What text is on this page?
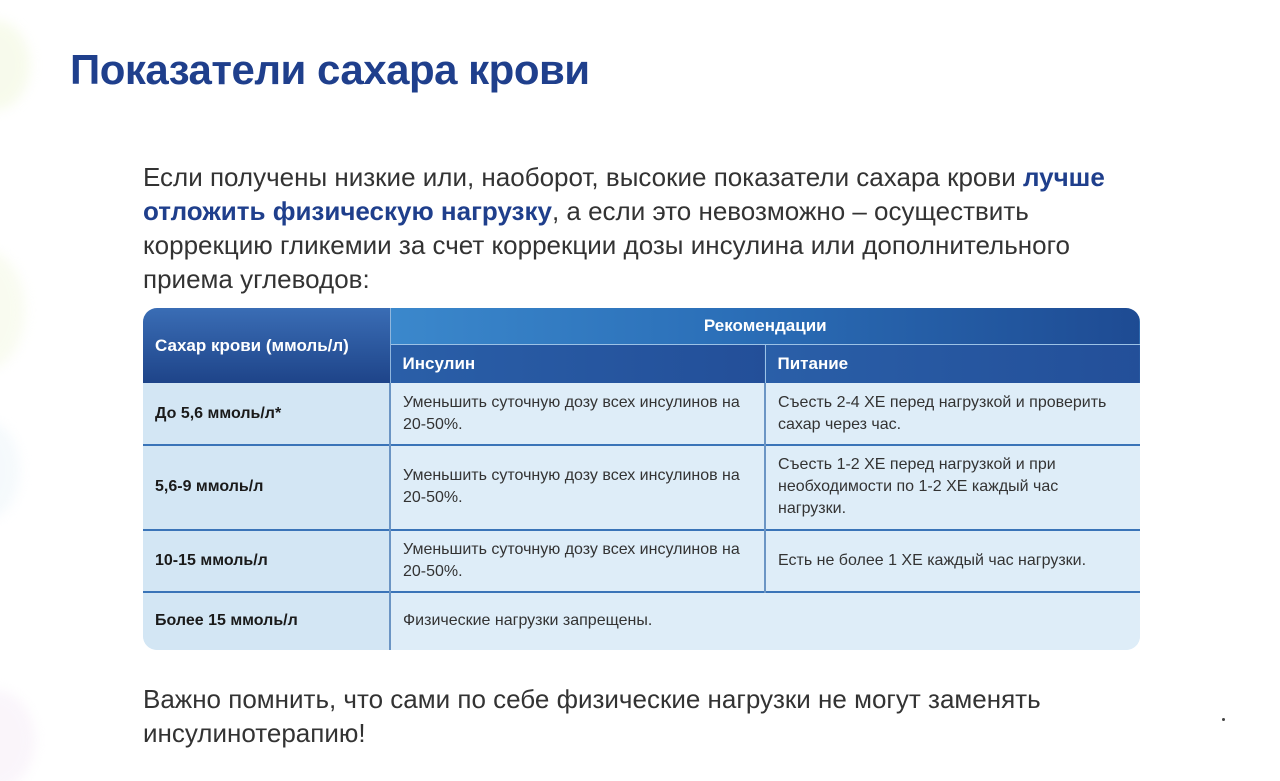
Показатели сахара крови

Если получены низкие или, наоборот, высокие показатели сахара крови лучше отложить физическую нагрузку, а если это невозможно – осуществить коррекцию гликемии за счет коррекции дозы инсулина или дополнительного приема углеводов:

Сахар крови (ммоль/л)	Рекомендации	
	Инсулин	Питание
До 5,6 ммоль/л*	Уменьшить суточную дозу всех инсулинов на 20-50%.	Съесть 2-4 ХЕ перед нагрузкой и проверить сахар через час.
5,6-9 ммоль/л	Уменьшить суточную дозу всех инсулинов на 20-50%.	Съесть 1-2 ХЕ перед нагрузкой и при необходимости по 1-2 ХЕ каждый час нагрузки.
10-15 ммоль/л	Уменьшить суточную дозу всех инсулинов на 20-50%.	Есть не более 1 ХЕ каждый час нагрузки.
Более 15 ммоль/л	Физические нагрузки запрещены.	

Важно помнить, что сами по себе физические нагрузки не могут заменять инсулинотерапию!
